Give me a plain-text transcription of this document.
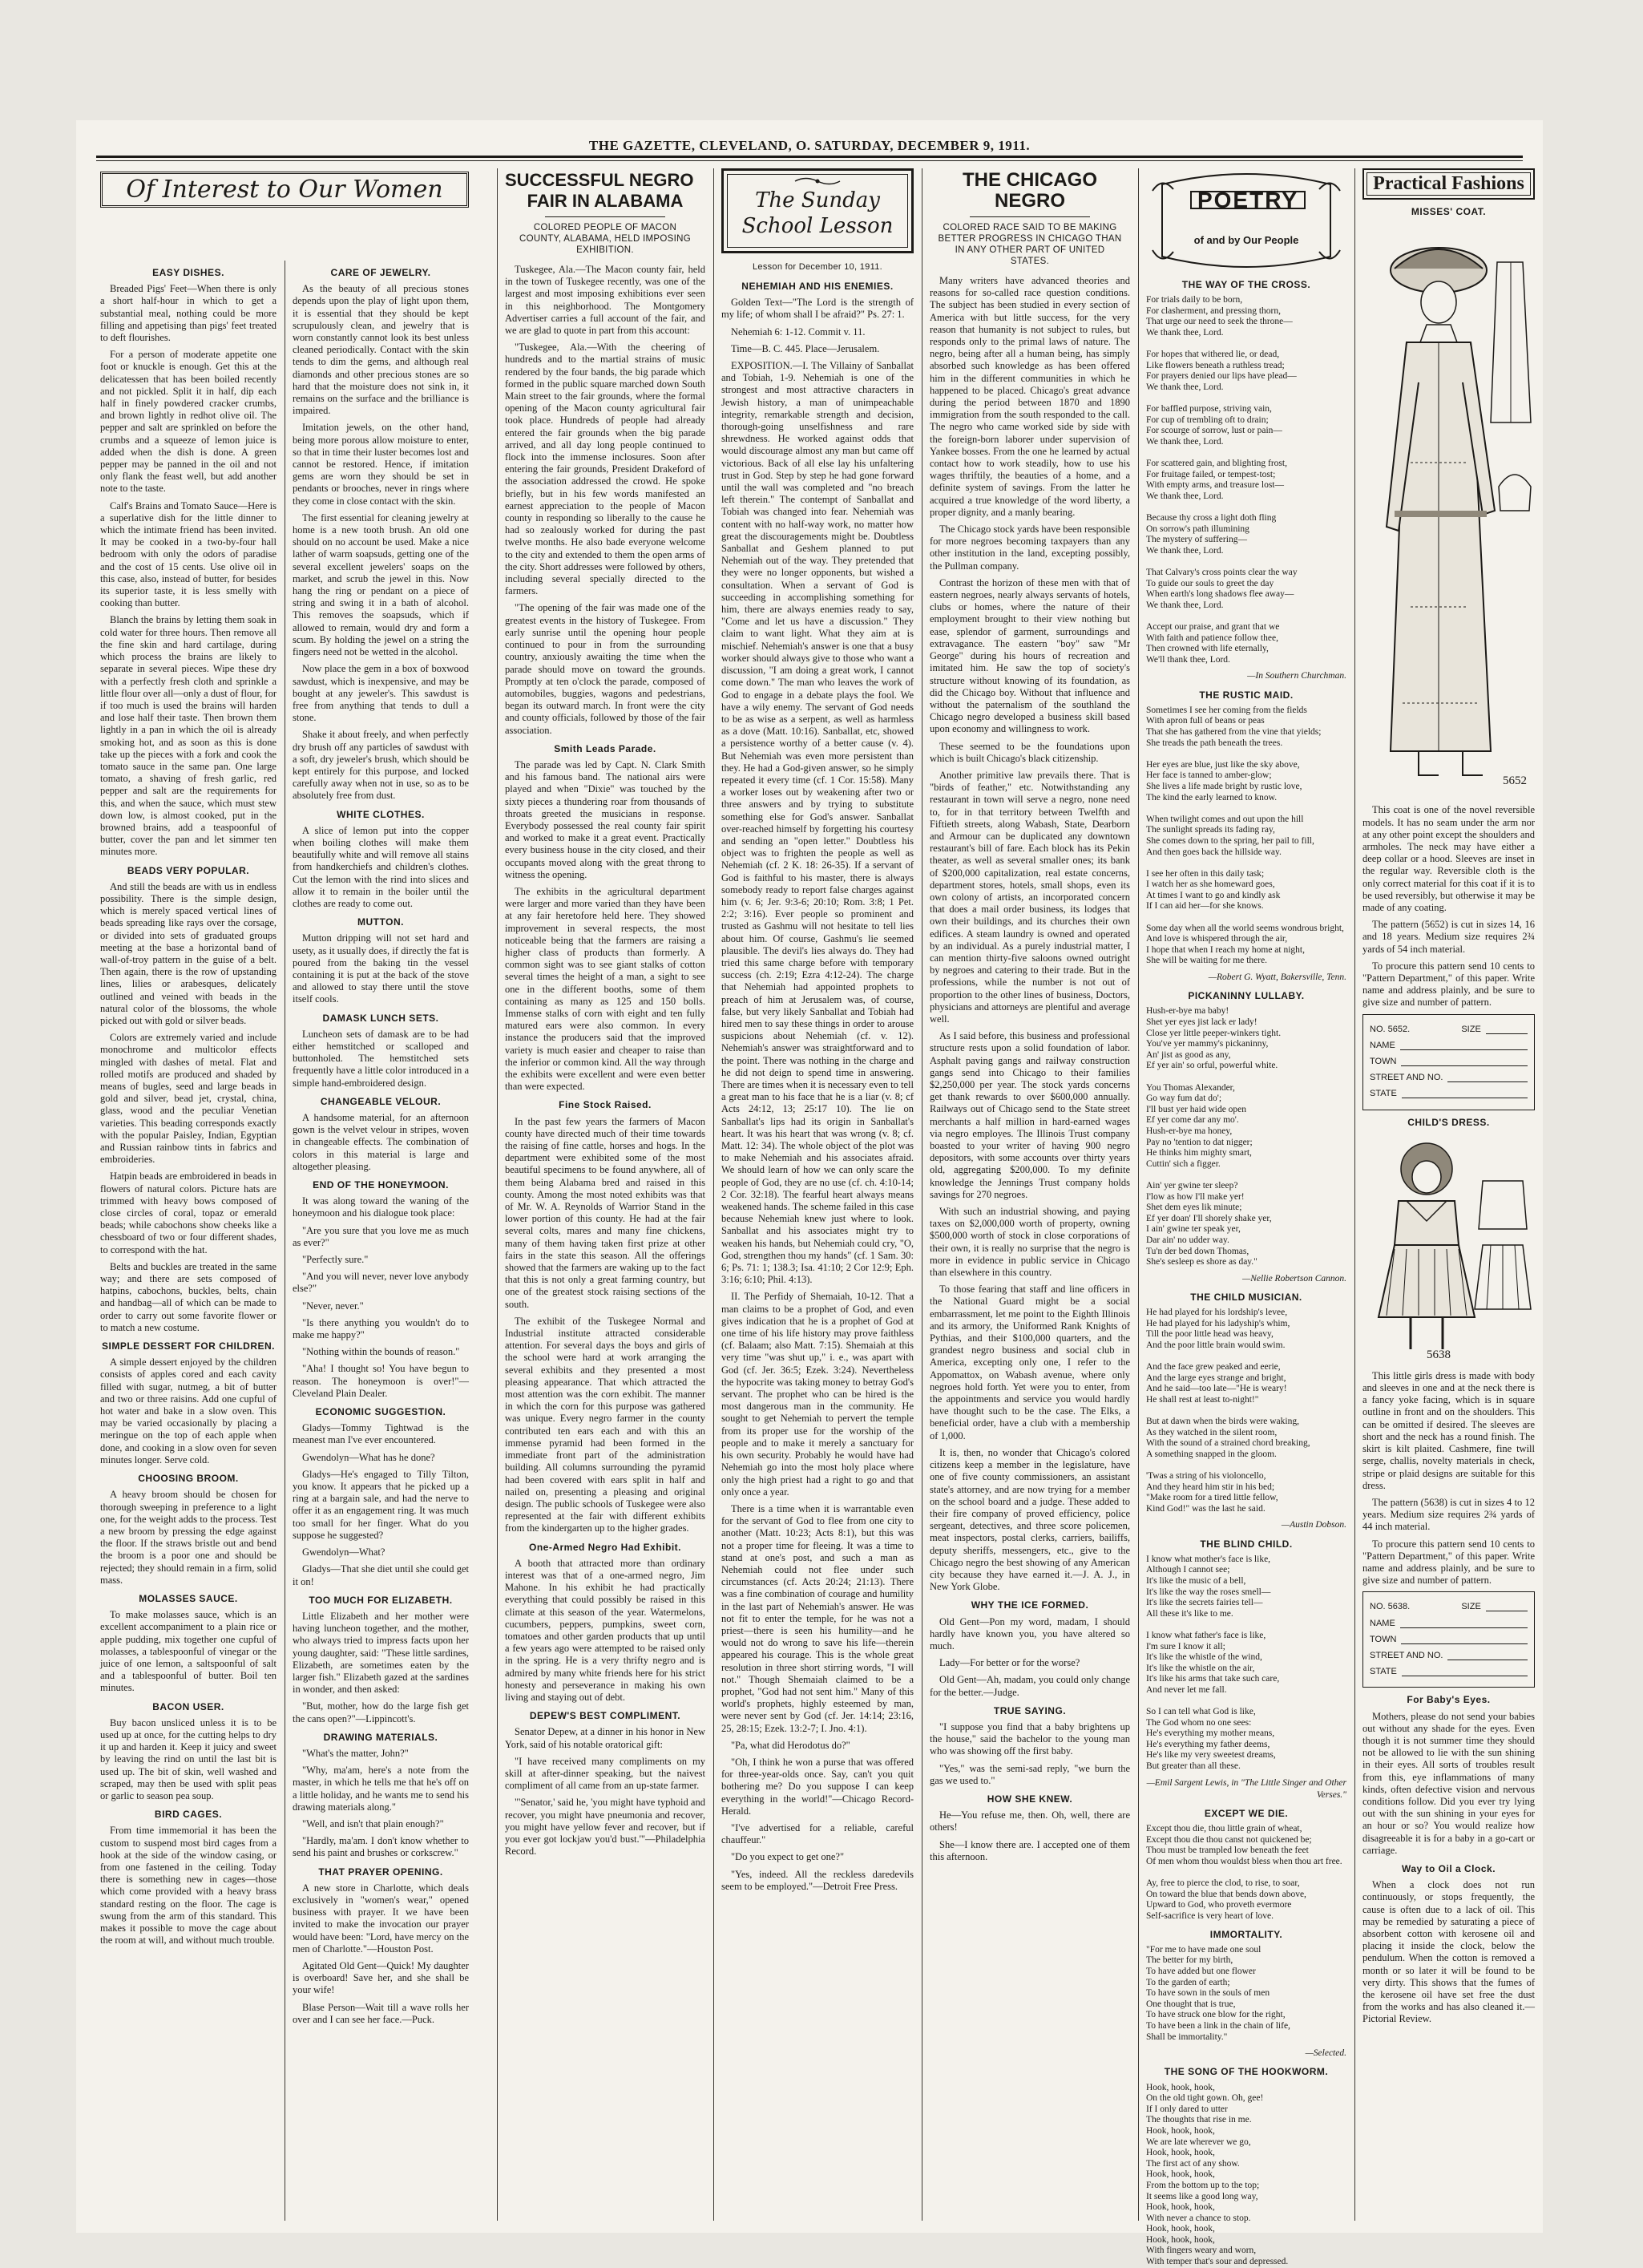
THE GAZETTE, CLEVELAND, O. SATURDAY, DECEMBER 9, 1911.
Of Interest to Our Women
EASY DISHES.

Breaded Pigs' Feet—When there is only a short half-hour in which to get a substantial meal, nothing could be more filling and appetising than pigs' feet treated to deft flourishes.

For a person of moderate appetite one foot or knuckle is enough. Get this at the delicatessen that has been boiled recently and not pickled. Split it in half, dip each half in finely powdered cracker crumbs, and brown lightly in redhot olive oil. The pepper and salt are sprinkled on before the crumbs and a squeeze of lemon juice is added when the dish is done. A green pepper may be panned in the oil and not only flank the feast well, but add another note to the taste.

Calf's Brains and Tomato Sauce—Here is a superlative dish for the little dinner to which the intimate friend has been invited. It may be cooked in a two-by-four hall bedroom with only the odors of paradise and the cost of 15 cents. Use olive oil in this case, also, instead of butter, for besides its superior taste, it is less smelly with cooking than butter.

Blanch the brains by letting them soak in cold water for three hours. Then remove all the fine skin and hard cartilage, during which process the brains are likely to separate in several pieces. Wipe these dry with a perfectly fresh cloth and sprinkle a little flour over all—only a dust of flour, for if too much is used the brains will harden and lose half their taste. Then brown them lightly in a pan in which the oil is already smoking hot, and as soon as this is done take up the pieces with a fork and cook the tomato sauce in the same pan. One large tomato, a shaving of fresh garlic, red pepper and salt are the requirements for this, and when the sauce, which must stew down low, is almost cooked, put in the browned brains, add a teaspoonful of butter, cover the pan and let simmer ten minutes more.

BEADS VERY POPULAR.

And still the beads are with us in endless possibility. There is the simple design, which is merely spaced vertical lines of beads spreading like rays over the corsage, or divided into sets of graduated groups meeting at the base a horizontal band of wall-of-troy pattern in the guise of a belt. Then again, there is the row of upstanding lines, lilies or arabesques, delicately outlined and veined with beads in the natural color of the blossoms, the whole picked out with gold or silver beads.

Colors are extremely varied and include monochrome and multicolor effects mingled with dashes of metal. Flat and rolled motifs are produced and shaded by means of bugles, seed and large beads in gold and silver, bead jet, crystal, china, glass, wood and the peculiar Venetian varieties. This beading corresponds exactly with the popular Paisley, Indian, Egyptian and Russian rainbow tints in fabrics and embroideries.

Hatpin beads are embroidered in beads in flowers of natural colors. Picture hats are trimmed with heavy bows composed of close circles of coral, topaz or emerald beads; while cabochons show cheeks like a chessboard of two or four different shades, to correspond with the hat.

Belts and buckles are treated in the same way; and there are sets composed of hatpins, cabochons, buckles, belts, chain and handbag—all of which can be made to order to carry out some favorite flower or to match a new costume.

SIMPLE DESSERT FOR CHILDREN.

A simple dessert enjoyed by the children consists of apples cored and each cavity filled with sugar, nutmeg, a bit of butter and two or three raisins. Add one cupful of hot water and bake in a slow oven. This may be varied occasionally by placing a meringue on the top of each apple when done, and cooking in a slow oven for seven minutes longer. Serve cold.

CHOOSING BROOM.

A heavy broom should be chosen for thorough sweeping in preference to a light one, for the weight adds to the process. Test a new broom by pressing the edge against the floor. If the straws bristle out and bend the broom is a poor one and should be rejected; they should remain in a firm, solid mass.

MOLASSES SAUCE.

To make molasses sauce, which is an excellent accompaniment to a plain rice or apple pudding, mix together one cupful of molasses, a tablespoonful of vinegar or the juice of one lemon, a saltspoonful of salt and a tablespoonful of butter. Boil ten minutes.

BACON USER.

Buy bacon unsliced unless it is to be used up at once, for the cutting helps to dry it up and harden it. Keep it juicy and sweet by leaving the rind on until the last bit is used up. The bit of skin, well washed and scraped, may then be used with split peas or garlic to season pea soup.

BIRD CAGES.

From time immemorial it has been the custom to suspend most bird cages from a hook at the side of the window casing, or from one fastened in the ceiling. Today there is something new in cages—those which come provided with a heavy brass standard resting on the floor. The cage is swung from the arm of this standard. This makes it possible to move the cage about the room at will, and without much trouble.

CARE OF JEWELRY.

As the beauty of all precious stones depends upon the play of light upon them, it is essential that they should be kept scrupulously clean, and jewelry that is worn constantly cannot look its best unless cleaned periodically. Contact with the skin tends to dim the gems, and although real diamonds and other precious stones are so hard that the moisture does not sink in, it remains on the surface and the brilliance is impaired.

Imitation jewels, on the other hand, being more porous allow moisture to enter, so that in time their luster becomes lost and cannot be restored. Hence, if imitation gems are worn they should be set in pendants or brooches, never in rings where they come in close contact with the skin.

The first essential for cleaning jewelry at home is a new tooth brush. An old one should on no account be used. Make a nice lather of warm soapsuds, getting one of the several excellent jewelers' soaps on the market, and scrub the jewel in this. Now hang the ring or pendant on a piece of string and swing it in a bath of alcohol. This removes the soapsuds, which if allowed to remain, would dry and form a scum. By holding the jewel on a string the fingers need not be wetted in the alcohol.

Now place the gem in a box of boxwood sawdust, which is inexpensive, and may be bought at any jeweler's. This sawdust is free from anything that tends to dull a stone.

Shake it about freely, and when perfectly dry brush off any particles of sawdust with a soft, dry jeweler's brush, which should be kept entirely for this purpose, and locked carefully away when not in use, so as to be absolutely free from dust.

WHITE CLOTHES.

A slice of lemon put into the copper when boiling clothes will make them beautifully white and will remove all stains from handkerchiefs and children's clothes. Cut the lemon with the rind into slices and allow it to remain in the boiler until the clothes are ready to come out.

MUTTON.

Mutton dripping will not set hard and usety, as it usually does, if directly the fat is poured from the baking tin the vessel containing it is put at the back of the stove and allowed to stay there until the stove itself cools.

DAMASK LUNCH SETS.

Luncheon sets of damask are to be had either hemstitched or scalloped and buttonholed. The hemstitched sets frequently have a little color introduced in a simple hand-embroidered design.

CHANGEABLE VELOUR.

A handsome material, for an afternoon gown is the velvet velour in stripes, woven in changeable effects. The combination of colors in this material is large and altogether pleasing.

END OF THE HONEYMOON.

It was along toward the waning of the honeymoon and his dialogue took place:

"Are you sure that you love me as much as ever?"

"Perfectly sure."

"And you will never, never love anybody else?"

"Never, never."

"Is there anything you wouldn't do to make me happy?"

"Nothing within the bounds of reason."

"Aha! I thought so! You have begun to reason. The honeymoon is over!"—Cleveland Plain Dealer.

ECONOMIC SUGGESTION.

Gladys—Tommy Tightwad is the meanest man I've ever encountered.

Gwendolyn—What has he done?

Gladys—He's engaged to Tilly Tilton, you know. It appears that he picked up a ring at a bargain sale, and had the nerve to offer it as an engagement ring. It was much too small for her finger. What do you suppose he suggested?

Gwendolyn—What?

Gladys—That she diet until she could get it on!

TOO MUCH FOR ELIZABETH.

Little Elizabeth and her mother were having luncheon together, and the mother, who always tried to impress facts upon her young daughter, said: "These little sardines, Elizabeth, are sometimes eaten by the larger fish." Elizabeth gazed at the sardines in wonder, and then asked:

"But, mother, how do the large fish get the cans open?"—Lippincott's.

DRAWING MATERIALS.

"What's the matter, John?"

"Why, ma'am, here's a note from the master, in which he tells me that he's off on a little holiday, and he wants me to send his drawing materials along."

"Well, and isn't that plain enough?"

"Hardly, ma'am. I don't know whether to send his paint and brushes or corkscrew."

THAT PRAYER OPENING.

A new store in Charlotte, which deals exclusively in "women's wear," opened business with prayer. It we have been invited to make the invocation our prayer would have been: "Lord, have mercy on the men of Charlotte."—Houston Post.

Agitated Old Gent—Quick! My daughter is overboard! Save her, and she shall be your wife!

Blase Person—Wait till a wave rolls her over and I can see her face.—Puck.

SUCCESSFUL NEGRO
FAIR IN ALABAMA
COLORED PEOPLE OF MACON COUNTY, ALABAMA, HELD IMPOSING EXHIBITION.

Tuskegee, Ala.—The Macon county fair, held in the town of Tuskegee recently, was one of the largest and most imposing exhibitions ever seen in this neighborhood. The Montgomery Advertiser carries a full account of the fair, and we are glad to quote in part from this account:

"Tuskegee, Ala.—With the cheering of hundreds and to the martial strains of music rendered by the four bands, the big parade which formed in the public square marched down South Main street to the fair grounds, where the formal opening of the Macon county agricultural fair took place. Hundreds of people had already entered the fair grounds when the big parade arrived, and all day long people continued to flock into the immense inclosures. Soon after entering the fair grounds, President Drakeford of the association addressed the crowd. He spoke briefly, but in his few words manifested an earnest appreciation to the people of Macon county in responding so liberally to the cause he had so zealously worked for during the past twelve months. He also bade everyone welcome to the city and extended to them the open arms of the city. Short addresses were followed by others, including several specially directed to the farmers.

"The opening of the fair was made one of the greatest events in the history of Tuskegee. From early sunrise until the opening hour people continued to pour in from the surrounding country, anxiously awaiting the time when the parade should move on toward the grounds. Promptly at ten o'clock the parade, composed of automobiles, buggies, wagons and pedestrians, began its outward march. In front were the city and county officials, followed by those of the fair association.

Smith Leads Parade.

The parade was led by Capt. N. Clark Smith and his famous band. The national airs were played and when "Dixie" was touched by the sixty pieces a thundering roar from thousands of throats greeted the musicians in response. Everybody possessed the real county fair spirit and worked to make it a great event. Practically every business house in the city closed, and their occupants moved along with the great throng to witness the opening.

The exhibits in the agricultural department were larger and more varied than they have been at any fair heretofore held here. They showed improvement in several respects, the most noticeable being that the farmers are raising a higher class of products than formerly. A common sight was to see giant stalks of cotton several times the height of a man, a sight to see one in the different booths, some of them containing as many as 125 and 150 bolls. Immense stalks of corn with eight and ten fully matured ears were also common. In every instance the producers said that the improved variety is much easier and cheaper to raise than the inferior or common kind. All the way through the exhibits were excellent and were even better than were expected.

Fine Stock Raised.

In the past few years the farmers of Macon county have directed much of their time towards the raising of fine cattle, horses and hogs. In the department were exhibited some of the most beautiful specimens to be found anywhere, all of them being Alabama bred and raised in this county. Among the most noted exhibits was that of Mr. W. A. Reynolds of Warrior Stand in the lower portion of this county. He had at the fair several colts, mares and many fine chickens, many of them having taken first prize at other fairs in the state this season. All the offerings showed that the farmers are waking up to the fact that this is not only a great farming country, but one of the greatest stock raising sections of the south.

The exhibit of the Tuskegee Normal and Industrial institute attracted considerable attention. For several days the boys and girls of the school were hard at work arranging the several exhibits and they presented a most pleasing appearance. That which attracted the most attention was the corn exhibit. The manner in which the corn for this purpose was gathered was unique. Every negro farmer in the county contributed ten ears each and with this an immense pyramid had been formed in the immediate front part of the administration building. All columns surrounding the pyramid had been covered with ears split in half and nailed on, presenting a pleasing and original design. The public schools of Tuskegee were also represented at the fair with different exhibits from the kindergarten up to the higher grades.

One-Armed Negro Had Exhibit.

A booth that attracted more than ordinary interest was that of a one-armed negro, Jim Mahone. In his exhibit he had practically everything that could possibly be raised in this climate at this season of the year. Watermelons, cucumbers, peppers, pumpkins, sweet corn, tomatoes and other garden products that up until a few years ago were attempted to be raised only in the spring. He is a very thrifty negro and is admired by many white friends here for his strict honesty and perseverance in making his own living and staying out of debt.

DEPEW'S BEST COMPLIMENT.

Senator Depew, at a dinner in his honor in New York, said of his notable oratorical gift:

"I have received many compliments on my skill at after-dinner speaking, but the naivest compliment of all came from an up-state farmer.

"'Senator,' said he, 'you might have typhoid and recover, you might have pneumonia and recover, you might have yellow fever and recover, but if you ever got lockjaw you'd bust.'"—Philadelphia Record.

The Sunday
School Lesson
Lesson for December 10, 1911.
NEHEMIAH AND HIS ENEMIES.

Golden Text—"The Lord is the strength of my life; of whom shall I be afraid?" Ps. 27: 1.

Nehemiah 6: 1-12. Commit v. 11.

Time—B. C. 445. Place—Jerusalem.

EXPOSITION.—I. The Villainy of Sanballat and Tobiah, 1-9. Nehemiah is one of the strongest and most attractive characters in Jewish history, a man of unimpeachable integrity, remarkable strength and decision, thorough-going unselfishness and rare shrewdness. He worked against odds that would discourage almost any man but came off victorious. Back of all else lay his unfaltering trust in God. Step by step he had gone forward until the wall was completed and "no breach left therein." The contempt of Sanballat and Tobiah was changed into fear. Nehemiah was content with no half-way work, no matter how great the discouragements might be. Doubtless Sanballat and Geshem planned to put Nehemiah out of the way. They pretended that they were no longer opponents, but wished a consultation. When a servant of God is succeeding in accomplishing something for him, there are always enemies ready to say, "Come and let us have a discussion." They claim to want light. What they aim at is mischief. Nehemiah's answer is one that a busy worker should always give to those who want a discussion, "I am doing a great work, I cannot come down." The man who leaves the work of God to engage in a debate plays the fool. We have a wily enemy. The servant of God needs to be as wise as a serpent, as well as harmless as a dove (Matt. 10:16). Sanballat, etc, showed a persistence worthy of a better cause (v. 4). But Nehemiah was even more persistent than they. He had a God-given answer, so he simply repeated it every time (cf. 1 Cor. 15:58). Many a worker loses out by weakening after two or three answers and by trying to substitute something else for God's answer. Sanballat over-reached himself by forgetting his courtesy and sending an "open letter." Doubtless his object was to frighten the people as well as Nehemiah (cf. 2 K. 18: 26-35). If a servant of God is faithful to his master, there is always somebody ready to report false charges against him (v. 6; Jer. 9:3-6; 20:10; Rom. 3:8; 1 Pet. 2:2; 3:16). Ever people so prominent and trusted as Gashmu will not hesitate to tell lies about him. Of course, Gashmu's lie seemed plausible. The devil's lies always do. They had tried this same charge before with temporary success (ch. 2:19; Ezra 4:12-24). The charge that Nehemiah had appointed prophets to preach of him at Jerusalem was, of course, false, but very likely Sanballat and Tobiah had hired men to say these things in order to arouse suspicions about Nehemiah (cf. v. 12). Nehemiah's answer was straightforward and to the point. There was nothing in the charge and he did not deign to spend time in answering. There are times when it is necessary even to tell a great man to his face that he is a liar (v. 8; cf Acts 24:12, 13; 25:17 10). The lie on Sanballat's lips had its origin in Sanballat's heart. It was his heart that was wrong (v. 8; cf. Matt. 12: 34). The whole object of the plot was to make Nehemiah and his associates afraid. We should learn of how we can only scare the people of God, they are no use (cf. ch. 4:10-14; 2 Cor. 32:18). The fearful heart always means weakened hands. The scheme failed in this case because Nehemiah knew just where to look. Sanballat and his associates might try to weaken his hands, but Nehemiah could cry, "O, God, strengthen thou my hands" (cf. 1 Sam. 30: 6; Ps. 71: 1; 138.3; Isa. 41:10; 2 Cor 12:9; Eph. 3:16; 6:10; Phil. 4:13).

II. The Perfidy of Shemaiah, 10-12. That a man claims to be a prophet of God, and even gives indication that he is a prophet of God at one time of his life history may prove faithless (cf. Balaam; also Matt. 7:15). Shemaiah at this very time "was shut up," i. e., was apart with God (cf. Jer. 36:5; Ezek. 3:24). Nevertheless the hypocrite was taking money to betray God's servant. The prophet who can be hired is the most dangerous man in the community. He sought to get Nehemiah to pervert the temple from its proper use for the worship of the people and to make it merely a sanctuary for his own security. Probably he would have had Nehemiah go into the most holy place where only the high priest had a right to go and that only once a year.

There is a time when it is warrantable even for the servant of God to flee from one city to another (Matt. 10:23; Acts 8:1), but this was not a proper time for fleeing. It was a time to stand at one's post, and such a man as Nehemiah could not flee under such circumstances (cf. Acts 20:24; 21:13). There was a fine combination of courage and humility in the last part of Nehemiah's answer. He was not fit to enter the temple, for he was not a priest—there is seen his humility—and he would not do wrong to save his life—therein appeared his courage. This is the whole great resolution in three short stirring words, "I will not." Though Shemaiah claimed to be a prophet, "God had not sent him." Many of this world's prophets, highly esteemed by man, were never sent by God (cf. Jer. 14:14; 23:16, 25, 28:15; Ezek. 13:2-7; I. Jno. 4:1).

"Pa, what did Herodotus do?"

"Oh, I think he won a purse that was offered for three-year-olds once. Say, can't you quit bothering me? Do you suppose I can keep everything in the world!"—Chicago Record-Herald.

"I've advertised for a reliable, careful chauffeur."

"Do you expect to get one?"

"Yes, indeed. All the reckless daredevils seem to be employed."—Detroit Free Press.

THE CHICAGO NEGRO
COLORED RACE SAID TO BE MAKING BETTER PROGRESS IN CHICAGO THAN IN ANY OTHER PART OF UNITED STATES.

Many writers have advanced theories and reasons for so-called race question conditions. The subject has been studied in every section of America with but little success, for the very reason that humanity is not subject to rules, but responds only to the primal laws of nature. The negro, being after all a human being, has simply absorbed such knowledge as has been offered him in the different communities in which he happened to be placed. Chicago's great advance during the period between 1870 and 1890 immigration from the south responded to the call. The negro who came worked side by side with the foreign-born laborer under supervision of Yankee bosses. From the one he learned by actual contact how to work steadily, how to use his wages thriftily, the beauties of a home, and a definite system of savings. From the latter he acquired a true knowledge of the word liberty, a proper dignity, and a manly bearing.

The Chicago stock yards have been responsible for more negroes becoming taxpayers than any other institution in the land, excepting possibly, the Pullman company.

Contrast the horizon of these men with that of eastern negroes, nearly always servants of hotels, clubs or homes, where the nature of their employment brought to their view nothing but ease, splendor of garment, surroundings and extravagance. The eastern "boy" saw "Mr George" during his hours of recreation and imitated him. He saw the top of society's structure without knowing of its foundation, as did the Chicago boy. Without that influence and without the paternalism of the southland the Chicago negro developed a business skill based upon economy and willingness to work.

These seemed to be the foundations upon which is built Chicago's black citizenship.

Another primitive law prevails there. That is "birds of feather," etc. Notwithstanding any restaurant in town will serve a negro, none need to, for in that territory between Twelfth and Fiftieth streets, along Wabash, State, Dearborn and Armour can be duplicated any downtown restaurant's bill of fare. Each block has its Pekin theater, as well as several smaller ones; its bank of $200,000 capitalization, real estate concerns, department stores, hotels, small shops, even its own colony of artists, an incorporated concern that does a mail order business, its lodges that own their buildings, and its churches their own edifices. A steam laundry is owned and operated by an individual. As a purely industrial matter, I can mention thirty-five saloons owned outright by negroes and catering to their trade. But in the professions, while the number is not out of proportion to the other lines of business, Doctors, physicians and attorneys are plentiful and average well.

As I said before, this business and professional structure rests upon a solid foundation of labor. Asphalt paving gangs and railway construction gangs send into Chicago to their families $2,250,000 per year. The stock yards concerns get thank rewards to over $600,000 annually. Railways out of Chicago send to the State street merchants a half million in hard-earned wages via negro employes. The Illinois Trust company boasted to your writer of having 900 negro depositors, with some accounts over thirty years old, aggregating $200,000. To my definite knowledge the Jennings Trust company holds savings for 270 negroes.

With such an industrial showing, and paying taxes on $2,000,000 worth of property, owning $500,000 worth of stock in close corporations of their own, it is really no surprise that the negro is more in evidence in public service in Chicago than elsewhere in this country.

To those fearing that staff and line officers in the National Guard might be a social embarrassment, let me point to the Eighth Illinois and its armory, the Uniformed Rank Knights of Pythias, and their $100,000 quarters, and the grandest negro business and social club in America, excepting only one, I refer to the Appomattox, on Wabash avenue, where only negroes hold forth. Yet were you to enter, from the appointments and service you would hardly have thought such to be the case. The Elks, a beneficial order, have a club with a membership of 1,000.

It is, then, no wonder that Chicago's colored citizens keep a member in the legislature, have one of five county commissioners, an assistant state's attorney, and are now trying for a member on the school board and a judge. These added to their fire company of proved efficiency, police sergeant, detectives, and three score policemen, meat inspectors, postal clerks, carriers, bailiffs, deputy sheriffs, messengers, etc., give to the Chicago negro the best showing of any American city because they have earned it.—J. A. J., in New York Globe.

WHY THE ICE FORMED.

Old Gent—Pon my word, madam, I should hardly have known you, you have altered so much.

Lady—For better or for the worse?

Old Gent—Ah, madam, you could only change for the better.—Judge.

TRUE SAYING.

"I suppose you find that a baby brightens up the house," said the bachelor to the young man who was showing off the first baby.

"Yes," was the semi-sad reply, "we burn the gas we used to."

HOW SHE KNEW.

He—You refuse me, then. Oh, well, there are others!

She—I know there are. I accepted one of them this afternoon.

POETRY
of and by Our People
THE WAY OF THE CROSS.

For trials daily to be born,
For clasherment, and pressing thorn,
That urge our need to seek the throne—
We thank thee, Lord.

For hopes that withered lie, or dead,
Like flowers beneath a ruthless tread;
For prayers denied our lips have plead—
We thank thee, Lord.

For baffled purpose, striving vain,
For cup of trembling oft to drain;
For scourge of sorrow, lust or pain—
We thank thee, Lord.

For scattered gain, and blighting frost,
For fruitage failed, or tempest-tost;
With empty arms, and treasure lost—
We thank thee, Lord.

Because thy cross a light doth fling
On sorrow's path illumining
The mystery of suffering—
We thank thee, Lord.

That Calvary's cross points clear the way
To guide our souls to greet the day
When earth's long shadows flee away—
We thank thee, Lord.

Accept our praise, and grant that we
With faith and patience follow thee,
Then crowned with life eternally,
We'll thank thee, Lord.

—In Southern Churchman.

THE RUSTIC MAID.

Sometimes I see her coming from the fields
With apron full of beans or peas
That she has gathered from the vine that yields;
She treads the path beneath the trees.

Her eyes are blue, just like the sky above,
Her face is tanned to amber-glow;
She lives a life made bright by rustic love,
The kind the early learned to know.

When twilight comes and out upon the hill
The sunlight spreads its fading ray,
She comes down to the spring, her pail to fill,
And then goes back the hillside way.

I see her often in this daily task;
I watch her as she homeward goes,
At times I want to go and kindly ask
If I can aid her—for she knows.

Some day when all the world seems wondrous bright,
And love is whispered through the air,
I hope that when I reach my home at night,
She will be waiting for me there.

—Robert G. Wyatt, Bakersville, Tenn.

PICKANINNY LULLABY.

Hush-er-bye ma baby!
Shet yer eyes jist lack er lady!
Close yer little peeper-winkers tight.
You've yer mammy's pickaninny,
An' jist as good as any,
Ef yer ain' so orful, powerful white.

You Thomas Alexander,
Go way fum dat do';
I'll bust yer haid wide open
Ef yer come dar any mo'.
Hush-er-bye ma honey,
Pay no 'tention to dat nigger;
He thinks him mighty smart,
Cuttin' sich a figger.

Ain' yer gwine ter sleep?
I'low as how I'll make yer!
Shet dem eyes lik minute;
Ef yer doan' I'll shorely shake yer,
I ain' gwine ter speak yer,
Dar ain' no udder way.
Tu'n der bed down Thomas,
She's sesleep es shore as day."

—Nellie Robertson Cannon.

THE CHILD MUSICIAN.

He had played for his lordship's levee,
He had played for his ladyship's whim,
Till the poor little head was heavy,
And the poor little brain would swim.

And the face grew peaked and eerie,
And the large eyes strange and bright,
And he said—too late—"He is weary!
He shall rest at least to-night!"

But at dawn when the birds were waking,
As they watched in the silent room,
With the sound of a strained chord breaking,
A something snapped in the gloom.

'Twas a string of his violoncello,
And they heard him stir in his bed;
"Make room for a tired little fellow,
Kind God!" was the last he said.

—Austin Dobson.

THE BLIND CHILD.

I know what mother's face is like,
Although I cannot see;
It's like the music of a bell,
It's like the way the roses smell—
It's like the secrets fairies tell—
All these it's like to me.

I know what father's face is like,
I'm sure I know it all;
It's like the whistle of the wind,
It's like the whistle on the air,
It's like his arms that take such care,
And never let me fall.

So I can tell what God is like,
The God whom no one sees:
He's everything my mother means,
He's everything my father deems,
He's like my very sweetest dreams,
But greater than all these.

—Emil Sargent Lewis, in "The Little Singer and Other Verses."

EXCEPT WE DIE.

Except thou die, thou little grain of wheat,
Except thou die thou canst not quickened be;
Thou must be trampled low beneath the feet
Of men whom thou wouldst bless when thou art free.

Ay, free to pierce the clod, to rise, to soar,
On toward the blue that bends down above,
Upward to God, who proveth evermore
Self-sacrifice is very heart of love.

IMMORTALITY.

"For me to have made one soul
The better for my birth,
To have added but one flower
To the garden of earth;
To have sown in the souls of men
One thought that is true,
To have struck one blow for the right,
To have been a link in the chain of life,
Shall be immortality."

—Selected.

THE SONG OF THE HOOKWORM.

Hook, hook, hook,
On the old tight gown. Oh, gee!
If I only dared to utter
The thoughts that rise in me.
Hook, hook, hook,
We are late wherever we go,
Hook, hook, hook,
The first act of any show.
Hook, hook, hook,
From the bottom up to the top;
It seems like a good long way,
Hook, hook, hook,
With never a chance to stop.
Hook, hook, hook,
Hook, hook, hook,
With fingers weary and worn,
With temper that's sour and depressed.

Practical Fashions
MISSES' COAT.
5652

This coat is one of the novel reversible models. It has no seam under the arm nor at any other point except the shoulders and armholes. The neck may have either a deep collar or a hood. Sleeves are inset in the regular way. Reversible cloth is the only correct material for this coat if it is to be used reversibly, but otherwise it may be made of any coating.

The pattern (5652) is cut in sizes 14, 16 and 18 years. Medium size requires 2¾ yards of 54 inch material.

To procure this pattern send 10 cents to "Pattern Department," of this paper. Write name and address plainly, and be sure to give size and number of pattern.

NO. 5652.	SIZE
NAME
TOWN
STREET AND NO.
STATE
CHILD'S DRESS.
5638

This little girls dress is made with body and sleeves in one and at the neck there is a fancy yoke facing, which is in square outline in front and on the shoulders. This can be omitted if desired. The sleeves are short and the neck has a round finish. The skirt is kilt plaited. Cashmere, fine twill serge, challis, novelty materials in check, stripe or plaid designs are suitable for this dress.

The pattern (5638) is cut in sizes 4 to 12 years. Medium size requires 2¾ yards of 44 inch material.

To procure this pattern send 10 cents to "Pattern Department," of this paper. Write name and address plainly, and be sure to give size and number of pattern.

NO. 5638.	SIZE
NAME
TOWN
STREET AND NO.
STATE
For Baby's Eyes.

Mothers, please do not send your babies out without any shade for the eyes. Even though it is not summer time they should not be allowed to lie with the sun shining in their eyes. All sorts of troubles result from this, eye inflammations of many kinds, often defective vision and nervous conditions follow. Did you ever try lying out with the sun shining in your eyes for an hour or so? You would realize how disagreeable it is for a baby in a go-cart or carriage.

Way to Oil a Clock.

When a clock does not run continuously, or stops frequently, the cause is often due to a lack of oil. This may be remedied by saturating a piece of absorbent cotton with kerosene oil and placing it inside the clock, below the pendulum. When the cotton is removed a month or so later it will be found to be very dirty. This shows that the fumes of the kerosene oil have set free the dust from the works and has also cleaned it.—Pictorial Review.
